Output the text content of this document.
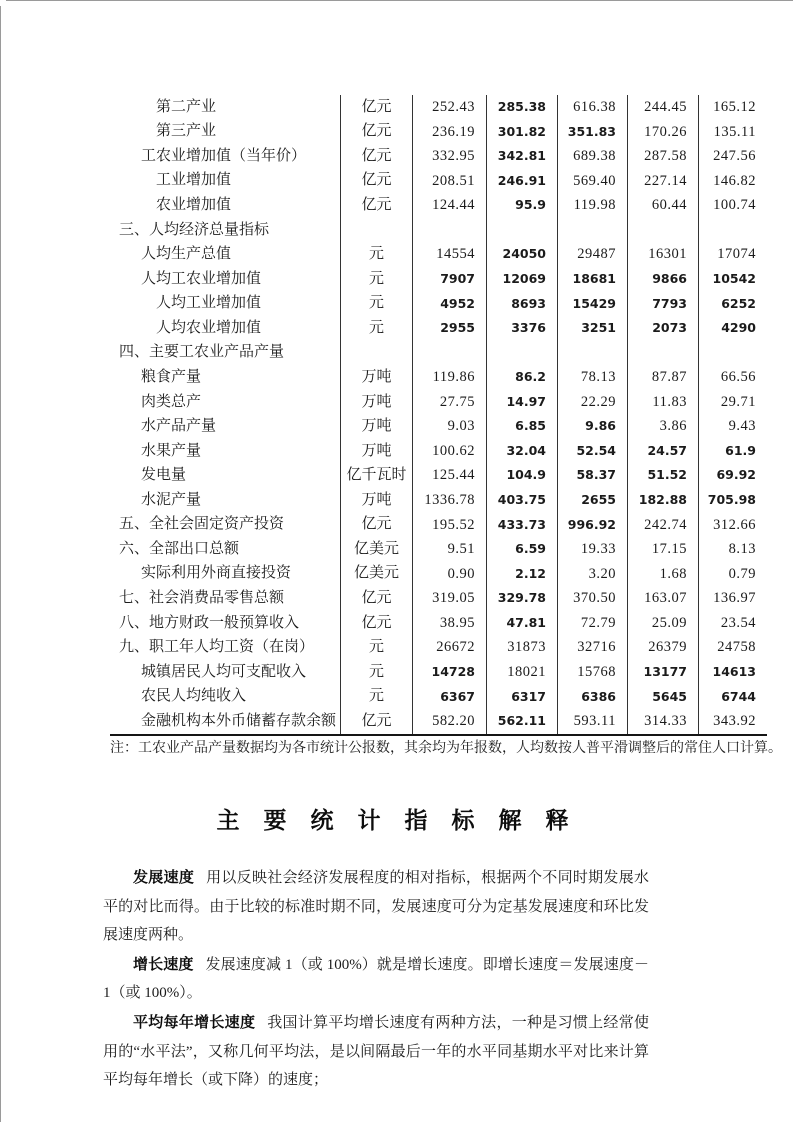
第二产业	亿元	252.43	285.38	616.38	244.45	165.12
第三产业	亿元	236.19	301.82	351.83	170.26	135.11
工农业增加值（当年价）	亿元	332.95	342.81	689.38	287.58	247.56
工业增加值	亿元	208.51	246.91	569.40	227.14	146.82
农业增加值	亿元	124.44	95.9	119.98	60.44	100.74
三、人均经济总量指标
人均生产总值	元	14554	24050	29487	16301	17074
人均工农业增加值	元	7907	12069	18681	9866	10542
人均工业增加值	元	4952	8693	15429	7793	6252
人均农业增加值	元	2955	3376	3251	2073	4290
四、主要工农业产品产量
粮食产量	万吨	119.86	86.2	78.13	87.87	66.56
肉类总产	万吨	27.75	14.97	22.29	11.83	29.71
水产品产量	万吨	9.03	6.85	9.86	3.86	9.43
水果产量	万吨	100.62	32.04	52.54	24.57	61.9
发电量	亿千瓦时	125.44	104.9	58.37	51.52	69.92
水泥产量	万吨	1336.78	403.75	2655	182.88	705.98
五、全社会固定资产投资	亿元	195.52	433.73	996.92	242.74	312.66
六、全部出口总额	亿美元	9.51	6.59	19.33	17.15	8.13
实际利用外商直接投资	亿美元	0.90	2.12	3.20	1.68	0.79
七、社会消费品零售总额	亿元	319.05	329.78	370.50	163.07	136.97
八、地方财政一般预算收入	亿元	38.95	47.81	72.79	25.09	23.54
九、职工年人均工资（在岗）	元	26672	31873	32716	26379	24758
城镇居民人均可支配收入	元	14728	18021	15768	13177	14613
农民人均纯收入	元	6367	6317	6386	5645	6744
金融机构本外币储蓄存款余额	亿元	582.20	562.11	593.11	314.33	343.92
注：工农业产品产量数据均为各市统计公报数，其余均为年报数，人均数按人普平滑调整后的常住人口计算。
主 要 统 计 指 标 解 释

发展速度 用以反映社会经济发展程度的相对指标，根据两个不同时期发展水平的对比而得。由于比较的标准时期不同，发展速度可分为定基发展速度和环比发展速度两种。

增长速度 发展速度减 1（或 100%）就是增长速度。即增长速度＝发展速度－1（或 100%）。

平均每年增长速度 我国计算平均增长速度有两种方法，一种是习惯上经常使用的“水平法”，又称几何平均法，是以间隔最后一年的水平同基期水平对比来计算平均每年增长（或下降）的速度；
